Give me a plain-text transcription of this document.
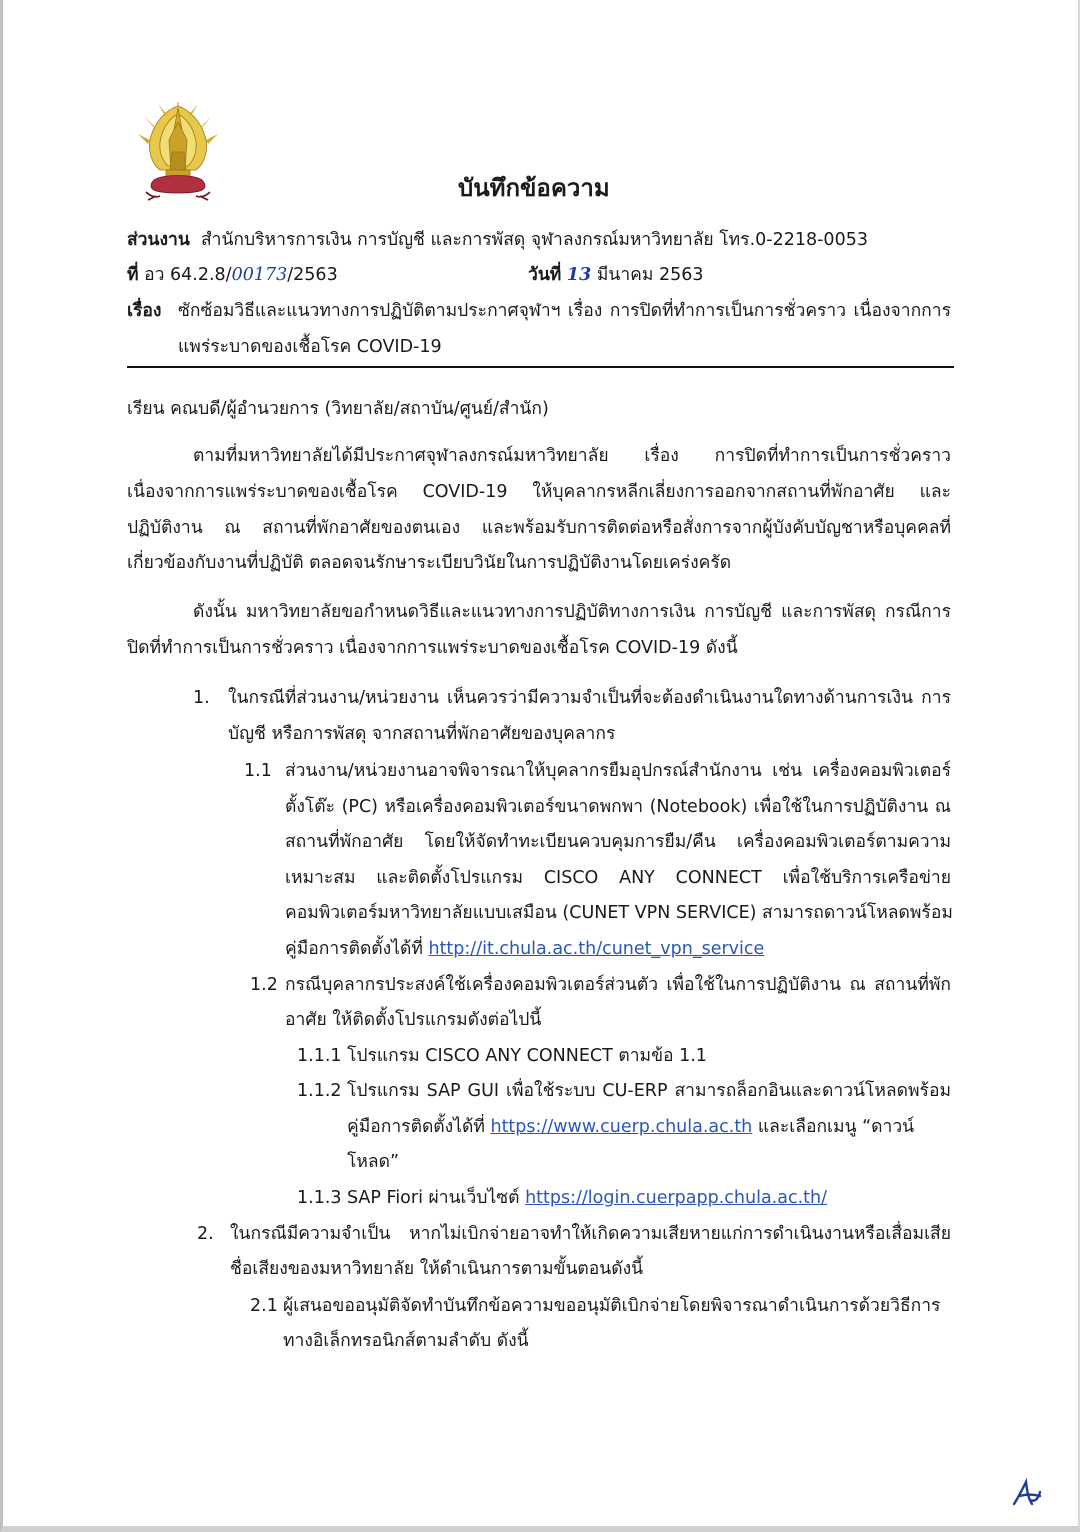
บันทึกข้อความ
ส่วนงาน สำนักบริหารการเงิน การบัญชี และการพัสดุ จุฬาลงกรณ์มหาวิทยาลัย โทร.0-2218-0053
ที่ อว 64.2.8/00173/2563	วันที่ 13 มีนาคม 2563
เรื่อง ซักซ้อมวิธีและแนวทางการปฏิบัติตามประกาศจุฬาฯ เรื่อง การปิดที่ทำการเป็นการชั่วคราว เนื่องจากการ
แพร่ระบาดของเชื้อโรค COVID-19
เรียน คณบดี/ผู้อำนวยการ (วิทยาลัย/สถาบัน/ศูนย์/สำนัก)
ตามที่มหาวิทยาลัยได้มีประกาศจุฬาลงกรณ์มหาวิทยาลัย เรื่อง การปิดที่ทำการเป็นการชั่วคราว
เนื่องจากการแพร่ระบาดของเชื้อโรค COVID-19 ให้บุคลากรหลีกเลี่ยงการออกจากสถานที่พักอาศัย และ
ปฏิบัติงาน ณ สถานที่พักอาศัยของตนเอง และพร้อมรับการติดต่อหรือสั่งการจากผู้บังคับบัญชาหรือบุคคลที่
เกี่ยวข้องกับงานที่ปฏิบัติ ตลอดจนรักษาระเบียบวินัยในการปฏิบัติงานโดยเคร่งครัด
ดังนั้น มหาวิทยาลัยขอกำหนดวิธีและแนวทางการปฏิบัติทางการเงิน การบัญชี และการพัสดุ กรณีการ
ปิดที่ทำการเป็นการชั่วคราว เนื่องจากการแพร่ระบาดของเชื้อโรค COVID-19 ดังนี้
1. ในกรณีที่ส่วนงาน/หน่วยงาน เห็นควรว่ามีความจำเป็นที่จะต้องดำเนินงานใดทางด้านการเงิน การ
บัญชี หรือการพัสดุ จากสถานที่พักอาศัยของบุคลากร
1.1 ส่วนงาน/หน่วยงานอาจพิจารณาให้บุคลากรยืมอุปกรณ์สำนักงาน เช่น เครื่องคอมพิวเตอร์
ตั้งโต๊ะ (PC) หรือเครื่องคอมพิวเตอร์ขนาดพกพา (Notebook) เพื่อใช้ในการปฏิบัติงาน ณ
สถานที่พักอาศัย โดยให้จัดทำทะเบียนควบคุมการยืม/คืน เครื่องคอมพิวเตอร์ตามความ
เหมาะสม และติดตั้งโปรแกรม CISCO ANY CONNECT เพื่อใช้บริการเครือข่าย
คอมพิวเตอร์มหาวิทยาลัยแบบเสมือน (CUNET VPN SERVICE) สามารถดาวน์โหลดพร้อม
คู่มือการติดตั้งได้ที่ http://it.chula.ac.th/cunet_vpn_service
1.2 กรณีบุคลากรประสงค์ใช้เครื่องคอมพิวเตอร์ส่วนตัว เพื่อใช้ในการปฏิบัติงาน ณ สถานที่พัก
อาศัย ให้ติดตั้งโปรแกรมดังต่อไปนี้
1.1.1 โปรแกรม CISCO ANY CONNECT ตามข้อ 1.1
1.1.2 โปรแกรม SAP GUI เพื่อใช้ระบบ CU-ERP สามารถล็อกอินและดาวน์โหลดพร้อม
คู่มือการติดตั้งได้ที่ https://www.cuerp.chula.ac.th และเลือกเมนู “ดาวน์
โหลด”
1.1.3 SAP Fiori ผ่านเว็บไซต์ https://login.cuerpapp.chula.ac.th/
2. ในกรณีมีความจำเป็น หากไม่เบิกจ่ายอาจทำให้เกิดความเสียหายแก่การดำเนินงานหรือเสื่อมเสีย
ชื่อเสียงของมหาวิทยาลัย ให้ดำเนินการตามขั้นตอนดังนี้
2.1 ผู้เสนอขออนุมัติจัดทำบันทึกข้อความขออนุมัติเบิกจ่ายโดยพิจารณาดำเนินการด้วยวิธีการ
ทางอิเล็กทรอนิกส์ตามลำดับ ดังนี้
